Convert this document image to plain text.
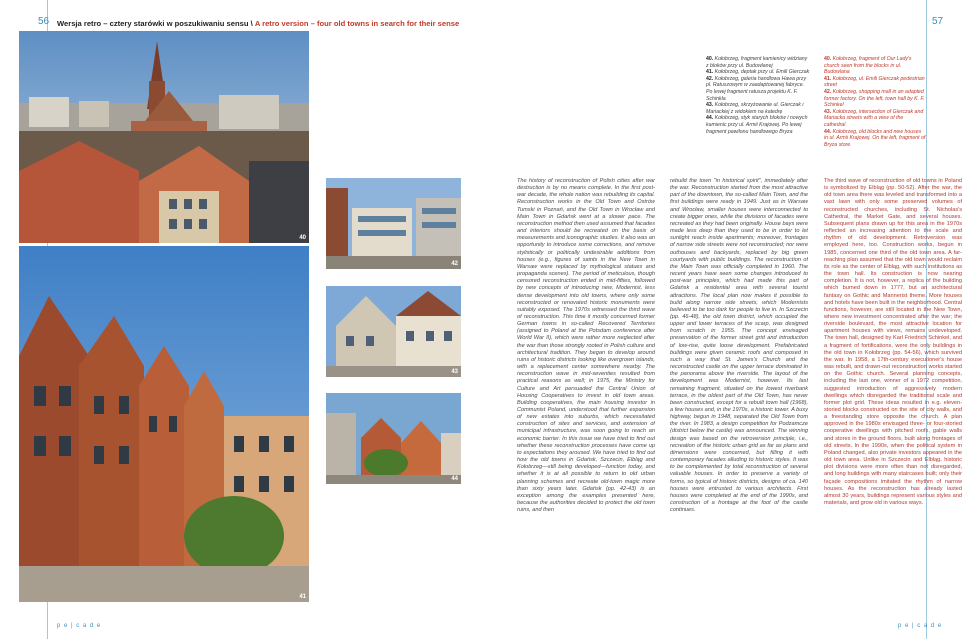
56	57
Wersja retro – cztery starówki w poszukiwaniu sensu \ A retro version – four old towns in search for their sense
40
41
42
43
44

40. Kołobrzeg, fragment kamienicy widziany z bloków przy ul. Budowlanej

41. Kołobrzeg, deptak przy ul. Emili Gierczak

42. Kołobrzeg, galeria handlowa Hawa przy pl. Ratuszowym w zaadaptowanej fabryce. Po lewej fragment ratusza projektu K. F. Schinkla

43. Kołobrzeg, skrzyżowanie ul. Gierczak i Mariackiej z widokiem na katedrę

44. Kołobrzeg, styk starych bloków i nowych kamienic przy ul. Armii Krajowej. Po lewej fragment pawilonu handlowego Bryza

40. Kołobrzeg, fragment of Our Lady's church seen from the blocks in ul. Budowlana

41. Kołobrzeg, ul. Emili Gierczak pedestrian street

42. Kołobrzeg, shopping mall in an adapted former factory. On the left, town hall by K. F. Schinkel

43. Kołobrzeg, intersection of Gierczak and Mariacka streets with a view of the cathedral

44. Kołobrzeg, old blocks and new houses in ul. Armii Krajowej. On the left, fragment of Bryza store

The history of reconstruction of Polish cities after war destruction is by no means complete. In the first post-war decade, the whole nation was rebuilding its capital. Reconstruction works in the Old Town and Ostrów Tumski in Poznań, and the Old Town in Wrocław and Main Town in Gdańsk went at a slower pace. The reconstruction method then used assumed that facades and interiors should be recreated on the basis of measurements and iconographic studies. It also was an opportunity to introduce some corrections, and remove stylistically or politically undesirable additions from houses (e.g., figures of saints in the New Town in Warsaw were replaced by mythological statues and propaganda scenes). The period of meticulous, though censored reconstruction ended in mid-fifties, followed by new concepts of introducing new, Modernist, less dense development into old towns, where only some reconstructed or renovated historic monuments were suitably exposed. The 1970s witnessed the third wave of reconstruction. This time it mostly concerned former German towns in so-called Recovered Territories (assigned to Poland at the Potsdam conference after World War II), which were rather more neglected after the war than those strongly rooted in Polish culture and architectural tradition. They began to develop around ruins of historic districts looking like overgrown islands, with a replacement center somewhere nearby. The reconstruction wave in mid-seventies resulted from practical reasons as well; in 1975, the Ministry for Culture and Art persuaded the Central Union of Housing Cooperatives to invest in old town areas. Building cooperatives, the main housing investor in Communist Poland, understood that further expansion of new estates into suburbs, which necessitated construction of sites and services, and extension of municipal infrastructure, was soon going to reach an economic barrier. In this issue we have tried to find out whether these reconstruction processes have come up to expectations they aroused. We have tried to find out how the old towns in Gdańsk, Szczecin, Elbląg and Kołobrzeg—still being developed—function today, and whether it is at all possible to return to old urban planning schemes and recreate old-town magic more than sixty years later. Gdańsk (pp. 42-43) is an exception among the examples presented here, because the authorities decided to protect the old town ruins, and then
rebuild the town "in historical spirit", immediately after the war. Reconstruction started from the most attractive part of the downtown, the so-called Main Town, and the first buildings were ready in 1949. Just as in Warsaw and Wrocław, smaller houses were interconnected to create bigger ones, while the divisions of facades were recreated as they had been originally. House bays were made less deep than they used to be in order to let sunlight reach inside apartments; moreover, frontages of narrow side streets were not reconstructed; nor were outhouses and backyards, replaced by big green courtyards with public buildings. The reconstruction of the Main Town was officially completed in 1960. The recent years have seen some changes introduced to post-war principles, which had made this part of Gdańsk a residential area with several tourist attractions. The local plan now makes it possible to build along narrow side streets, which Modernists believed to be too dark for people to live in. In Szczecin (pp. 46-48), the old town district, which occupied the upper and lower terraces of the scarp, was designed from scratch in 1955. The concept envisaged preservation of the former street grid and introduction of low-rise, quite loose development. Prefabricated buildings were given ceramic roofs and composed in such a way that St. James's Church and the reconstructed castle on the upper terrace dominated in the panorama above the riverside. The layout of the development was Modernist, however. Its last remaining fragment, situated on the lowest riverbank terrace, in the oldest part of the Old Town, has never been constructed, except for a rebuilt town hall (1968), a few houses and, in the 1970s, a historic tower. A busy highway, begun in 1948, separated the Old Town from the river. In 1983, a design competition for Podzamcze (district below the castle) was announced. The winning design was based on the retroversion principle, i.e., recreation of the historic urban grid as far as plans and dimensions were concerned, but filling it with contemporary facades alluding to historic styles. It was to be complemented by total reconstruction of several valuable houses. In order to preserve a variety of forms, so typical of historic districts, designs of ca. 140 houses were entrusted to various architects. First houses were completed at the end of the 1990s, and construction of a frontage at the foot of the castle continues.
The third wave of reconstruction of old towns in Poland is symbolized by Elbląg (pp. 50-52). After the war, the old town area there was leveled and transformed into a vast lawn with only some preserved volumes of reconstructed churches, including St. Nicholas's Cathedral, the Market Gate, and several houses. Subsequent plans drawn up for this area in the 1970s reflected an increasing attention to the scale and rhythm of old development. Retroversion was employed here, too. Construction works, begun in 1985, concerned one third of the old town area. A far-reaching plan assumed that the old town would reclaim its role as the center of Elbląg, with such institutions as the town hall. Its construction is now nearing completion. It is not, however, a replica of the building which burned down in 1777, but an architectural fantasy on Gothic and Mannerist theme. More houses and hotels have been built in the neighborhood. Central functions, however, are still located in the New Town, where new investment concentrated after the war; the riverside boulevard, the most attractive location for apartment houses with views, remains undeveloped. The town hall, designed by Karl Friedrich Schinkel, and a fragment of fortifications, were the only buildings in the old town in Kołobrzeg (pp. 54-56), which survived the war. In 1958, a 17th-century executioner's house was rebuilt, and drawn-out reconstruction works started on the Gothic church. Several planning concepts, including the last one, winner of a 1972 competition, suggested introduction of aggressively modern dwellings which disregarded the traditional scale and former plot grid. These ideas resulted in e.g. eleven-storied blocks constructed on the site of city walls, and a freestanding store opposite the church. A plan approved in the 1980s envisaged three- or four-storied cooperative dwellings with pitched roofs, gable walls and stores in the ground floors, built along frontages of old streets. In the 1990s, when the political system in Poland changed, also private investors appeared in the old town area. Unlike in Szczecin and Elbląg, historic plot divisions were more often than not disregarded, and long buildings with many staircases built; only their façade compositions imitated the rhythm of narrow houses. As the reconstruction has already lasted almost 30 years, buildings represent various styles and materials, and grow old in various ways.
p e | c a d e	p e | c a d e
